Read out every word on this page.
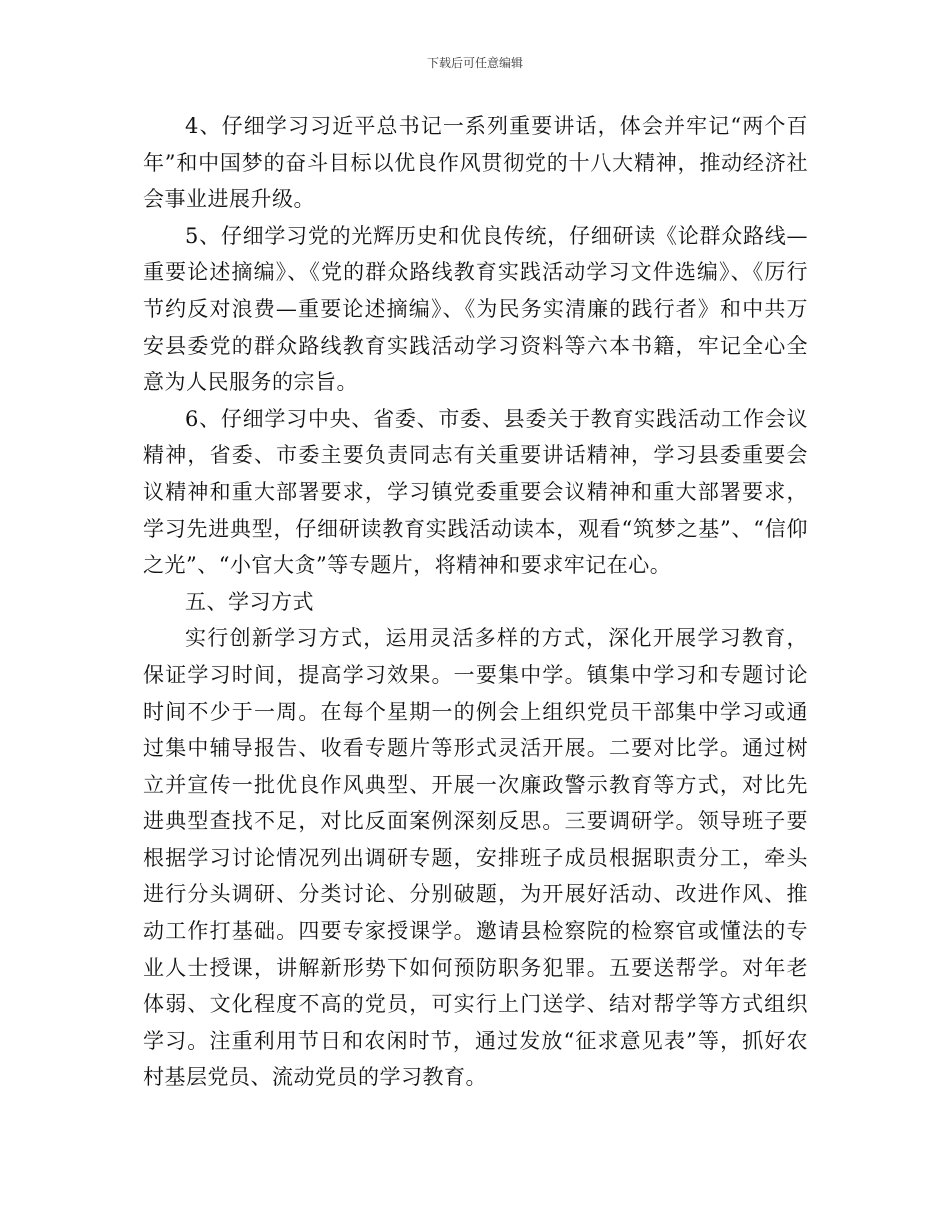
下载后可任意编辑

4、仔细学习习近平总书记一系列重要讲话，体会并牢记“两个百年”和中国梦的奋斗目标以优良作风贯彻党的十八大精神，推动经济社会事业进展升级。

5、仔细学习党的光辉历史和优良传统，仔细研读《论群众路线—重要论述摘编》、《党的群众路线教育实践活动学习文件选编》、《厉行节约反对浪费—重要论述摘编》、《为民务实清廉的践行者》和中共万安县委党的群众路线教育实践活动学习资料等六本书籍，牢记全心全意为人民服务的宗旨。

6、仔细学习中央、省委、市委、县委关于教育实践活动工作会议精神，省委、市委主要负责同志有关重要讲话精神，学习县委重要会议精神和重大部署要求，学习镇党委重要会议精神和重大部署要求，学习先进典型，仔细研读教育实践活动读本，观看“筑梦之基”、“信仰之光”、“小官大贪”等专题片，将精神和要求牢记在心。

五、学习方式

实行创新学习方式，运用灵活多样的方式，深化开展学习教育，保证学习时间，提高学习效果。一要集中学。镇集中学习和专题讨论时间不少于一周。在每个星期一的例会上组织党员干部集中学习或通过集中辅导报告、收看专题片等形式灵活开展。二要对比学。通过树立并宣传一批优良作风典型、开展一次廉政警示教育等方式，对比先进典型查找不足，对比反面案例深刻反思。三要调研学。领导班子要根据学习讨论情况列出调研专题，安排班子成员根据职责分工，牵头进行分头调研、分类讨论、分别破题，为开展好活动、改进作风、推动工作打基础。四要专家授课学。邀请县检察院的检察官或懂法的专业人士授课，讲解新形势下如何预防职务犯罪。五要送帮学。对年老体弱、文化程度不高的党员，可实行上门送学、结对帮学等方式组织学习。注重利用节日和农闲时节，通过发放“征求意见表”等，抓好农村基层党员、流动党员的学习教育。
